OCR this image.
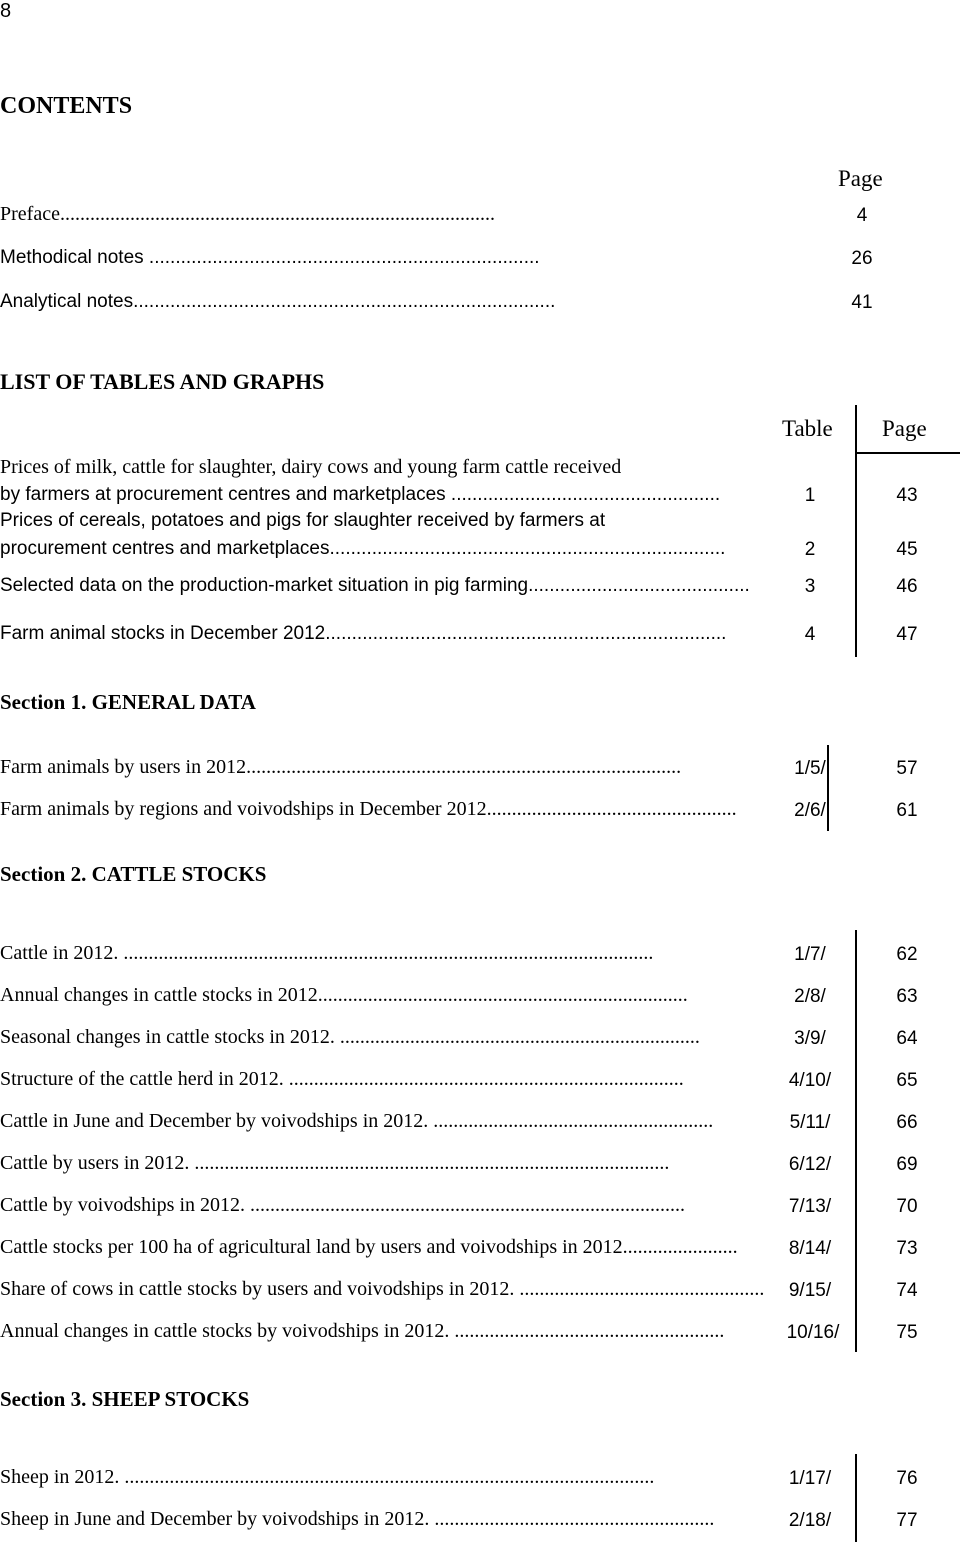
8
CONTENTS
Page
Preface.......................................................................................	4
Methodical notes ..........................................................................	26
Analytical notes................................................................................	41
LIST OF TABLES AND GRAPHS
Table Page
Prices of milk, cattle for slaughter, dairy cows and young farm cattle received
by farmers at procurement centres and marketplaces ...................................................	1	43
Prices of cereals, potatoes and pigs for slaughter received by farmers at
procurement centres and marketplaces...........................................................................	2	45
Selected data on the production-market situation in pig farming..........................................	3	46
Farm animal stocks in December 2012............................................................................	4	47
Section 1. GENERAL DATA
Farm animals by users in 2012.......................................................................................	1/5/	57
Farm animals by regions and voivodships in December 2012..................................................	2/6/	61
Section 2. CATTLE STOCKS
Cattle in 2012. ..........................................................................................................	1/7/	62
Annual changes in cattle stocks in 2012..........................................................................	2/8/	63
Seasonal changes in cattle stocks in 2012. ........................................................................	3/9/	64
Structure of the cattle herd in 2012. ...............................................................................	4/10/	65
Cattle in June and December by voivodships in 2012. ........................................................	5/11/	66
Cattle by users in 2012. ...............................................................................................	6/12/	69
Cattle by voivodships in 2012. .......................................................................................	7/13/	70
Cattle stocks per 100 ha of agricultural land by users and voivodships in 2012.......................	8/14/	73
Share of cows in cattle stocks by users and voivodships in 2012. .................................................	9/15/	74
Annual changes in cattle stocks by voivodships in 2012. ......................................................	10/16/	75
Section 3. SHEEP STOCKS
Sheep in 2012. ..........................................................................................................	1/17/	76
Sheep in June and December by voivodships in 2012. ........................................................	2/18/	77
